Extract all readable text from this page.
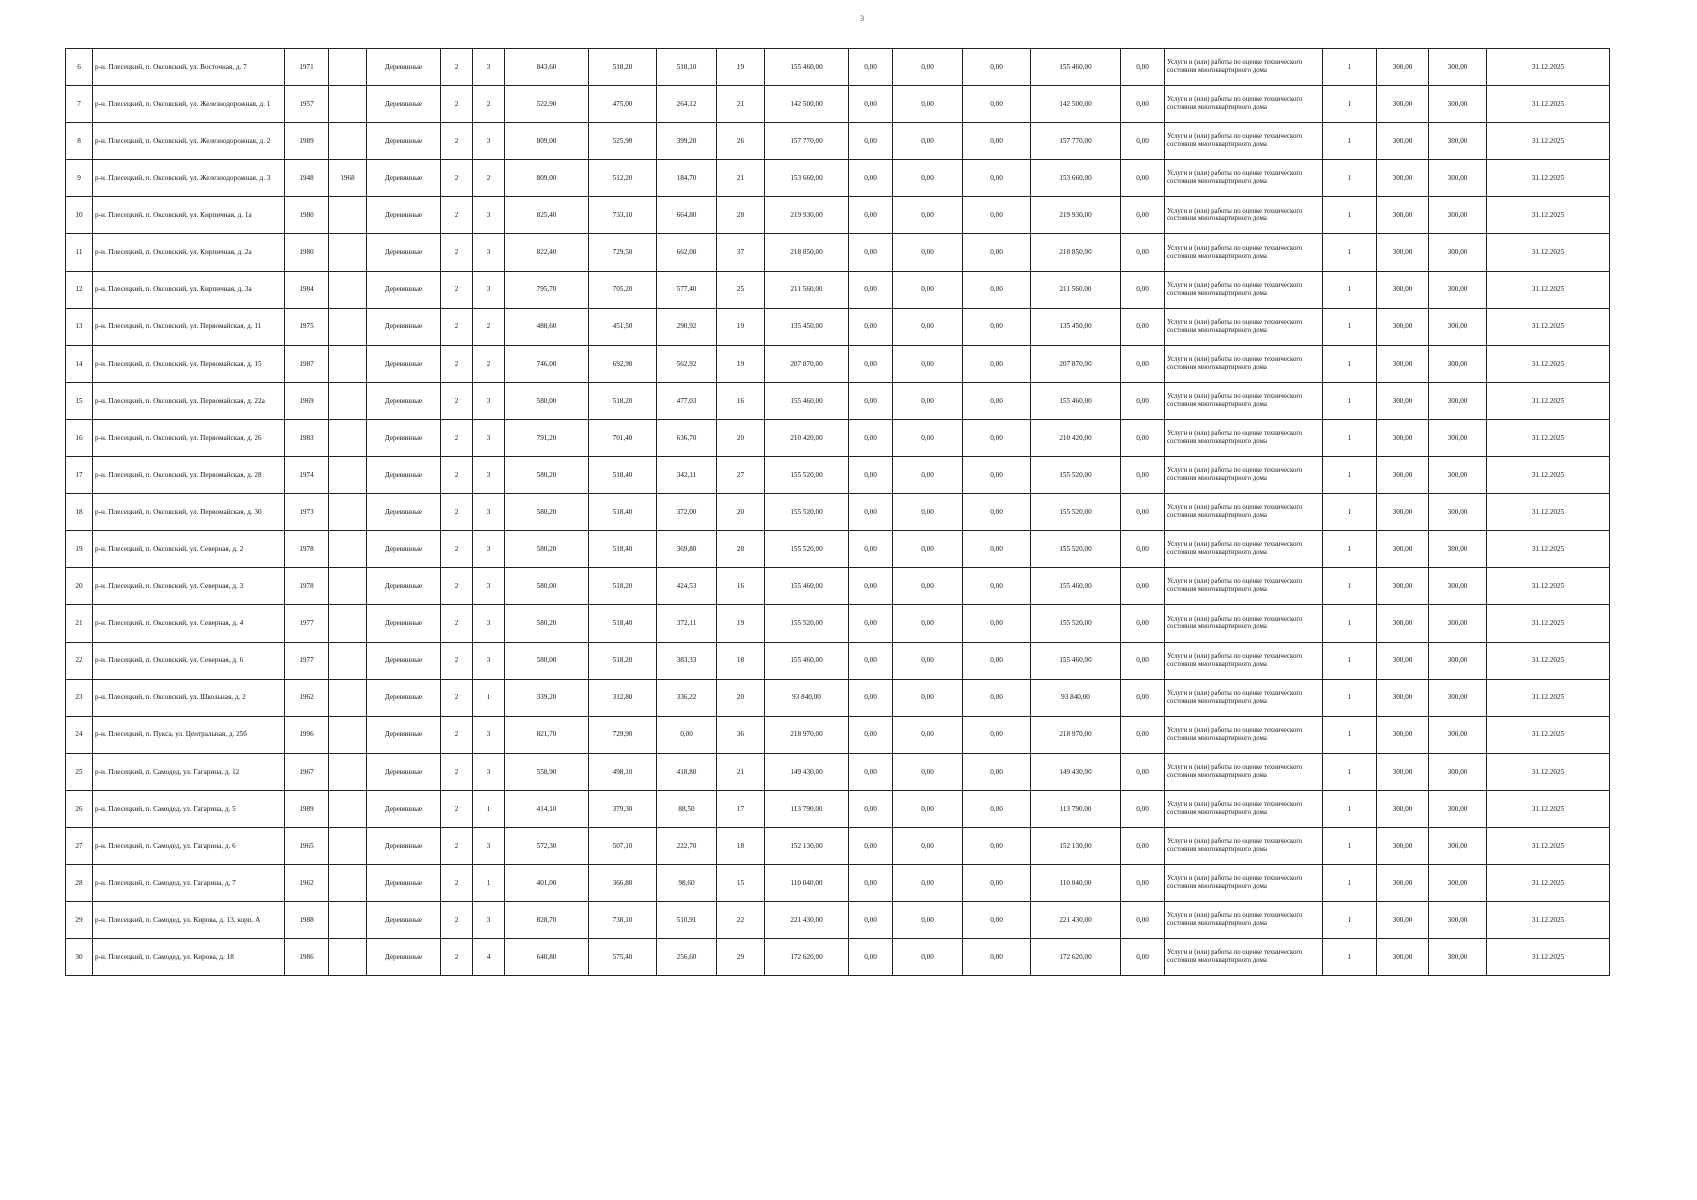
3
6	р-н. Плесецкий, п. Оксовский, ул. Восточная, д. 7	1971		Деревянные	2	3	843,60	518,20	518,10	19	155 460,00	0,00	0,00	0,00	155 460,00	0,00	Услуги и (или) работы по оценке технического состояния многоквартирного дома	1	300,00	300,00	31.12.2025
7	р-н. Плесецкий, п. Оксовский, ул. Железнодорожная, д. 1	1957		Деревянные	2	2	522,90	475,00	264,12	21	142 500,00	0,00	0,00	0,00	142 500,00	0,00	Услуги и (или) работы по оценке технического состояния многоквартирного дома	1	300,00	300,00	31.12.2025
8	р-н. Плесецкий, п. Оксовский, ул. Железнодорожная, д. 2	1989		Деревянные	2	3	809,00	525,90	399,20	26	157 770,00	0,00	0,00	0,00	157 770,00	0,00	Услуги и (или) работы по оценке технического состояния многоквартирного дома	1	300,00	300,00	31.12.2025
9	р-н. Плесецкий, п. Оксовский, ул. Железнодорожная, д. 3	1948	1968	Деревянные	2	2	809,00	512,20	184,70	21	153 660,00	0,00	0,00	0,00	153 660,00	0,00	Услуги и (или) работы по оценке технического состояния многоквартирного дома	1	300,00	300,00	31.12.2025
10	р-н. Плесецкий, п. Оксовский, ул. Кирпичная, д. 1а	1980		Деревянные	2	3	825,40	733,10	664,80	28	219 930,00	0,00	0,00	0,00	219 930,00	0,00	Услуги и (или) работы по оценке технического состояния многоквартирного дома	1	300,00	300,00	31.12.2025
11	р-н. Плесецкий, п. Оксовский, ул. Кирпичная, д. 2а	1980		Деревянные	2	3	822,40	729,50	662,00	37	218 850,00	0,00	0,00	0,00	218 850,00	0,00	Услуги и (или) работы по оценке технического состояния многоквартирного дома	1	300,00	300,00	31.12.2025
12	р-н. Плесецкий, п. Оксовский, ул. Кирпичная, д. 3а	1984		Деревянные	2	3	795,70	705,20	577,40	25	211 560,00	0,00	0,00	0,00	211 560,00	0,00	Услуги и (или) работы по оценке технического состояния многоквартирного дома	1	300,00	300,00	31.12.2025
13	р-н. Плесецкий, п. Оксовский, ул. Первомайская, д. 11	1975		Деревянные	2	2	488,60	451,50	290,92	19	135 450,00	0,00	0,00	0,00	135 450,00	0,00	Услуги и (или) работы по оценке технического состояния многоквартирного дома	1	300,00	300,00	31.12.2025
14	р-н. Плесецкий, п. Оксовский, ул. Первомайская, д. 15	1987		Деревянные	2	2	746,00	692,90	562,92	19	207 870,00	0,00	0,00	0,00	207 870,00	0,00	Услуги и (или) работы по оценке технического состояния многоквартирного дома	1	300,00	300,00	31.12.2025
15	р-н. Плесецкий, п. Оксовский, ул. Первомайская, д. 22а	1969		Деревянные	2	3	580,00	518,20	477,03	16	155 460,00	0,00	0,00	0,00	155 460,00	0,00	Услуги и (или) работы по оценке технического состояния многоквартирного дома	1	300,00	300,00	31.12.2025
16	р-н. Плесецкий, п. Оксовский, ул. Первомайская, д. 26	1983		Деревянные	2	3	791,20	701,40	636,70	20	210 420,00	0,00	0,00	0,00	210 420,00	0,00	Услуги и (или) работы по оценке технического состояния многоквартирного дома	1	300,00	300,00	31.12.2025
17	р-н. Плесецкий, п. Оксовский, ул. Первомайская, д. 28	1974		Деревянные	2	3	580,20	518,40	342,11	27	155 520,00	0,00	0,00	0,00	155 520,00	0,00	Услуги и (или) работы по оценке технического состояния многоквартирного дома	1	300,00	300,00	31.12.2025
18	р-н. Плесецкий, п. Оксовский, ул. Первомайская, д. 30	1973		Деревянные	2	3	580,20	518,40	372,00	20	155 520,00	0,00	0,00	0,00	155 520,00	0,00	Услуги и (или) работы по оценке технического состояния многоквартирного дома	1	300,00	300,00	31.12.2025
19	р-н. Плесецкий, п. Оксовский, ул. Северная, д. 2	1978		Деревянные	2	3	580,20	518,40	369,80	28	155 520,00	0,00	0,00	0,00	155 520,00	0,00	Услуги и (или) работы по оценке технического состояния многоквартирного дома	1	300,00	300,00	31.12.2025
20	р-н. Плесецкий, п. Оксовский, ул. Северная, д. 3	1978		Деревянные	2	3	580,00	518,20	424,53	16	155 460,00	0,00	0,00	0,00	155 460,00	0,00	Услуги и (или) работы по оценке технического состояния многоквартирного дома	1	300,00	300,00	31.12.2025
21	р-н. Плесецкий, п. Оксовский, ул. Северная, д. 4	1977		Деревянные	2	3	580,20	518,40	372,11	19	155 520,00	0,00	0,00	0,00	155 520,00	0,00	Услуги и (или) работы по оценке технического состояния многоквартирного дома	1	300,00	300,00	31.12.2025
22	р-н. Плесецкий, п. Оксовский, ул. Северная, д. 6	1977		Деревянные	2	3	580,00	518,20	383,33	18	155 460,00	0,00	0,00	0,00	155 460,00	0,00	Услуги и (или) работы по оценке технического состояния многоквартирного дома	1	300,00	300,00	31.12.2025
23	р-н. Плесецкий, п. Оксовский, ул. Школьная, д. 2	1962		Деревянные	2	1	339,20	312,80	336,22	20	93 840,00	0,00	0,00	0,00	93 840,00	0,00	Услуги и (или) работы по оценке технического состояния многоквартирного дома	1	300,00	300,00	31.12.2025
24	р-н. Плесецкий, п. Пукса, ул. Центральная, д. 25б	1996		Деревянные	2	3	821,70	729,90	0,00	36	218 970,00	0,00	0,00	0,00	218 970,00	0,00	Услуги и (или) работы по оценке технического состояния многоквартирного дома	1	300,00	300,00	31.12.2025
25	р-н. Плесецкий, п. Самодед, ул. Гагарина, д. 12	1967		Деревянные	2	3	558,90	498,10	418,80	21	149 430,00	0,00	0,00	0,00	149 430,00	0,00	Услуги и (или) работы по оценке технического состояния многоквартирного дома	1	300,00	300,00	31.12.2025
26	р-н. Плесецкий, п. Самодед, ул. Гагарина, д. 5	1989		Деревянные	2	1	414,10	379,30	88,50	17	113 790,00	0,00	0,00	0,00	113 790,00	0,00	Услуги и (или) работы по оценке технического состояния многоквартирного дома	1	300,00	300,00	31.12.2025
27	р-н. Плесецкий, п. Самодед, ул. Гагарина, д. 6	1965		Деревянные	2	3	572,30	507,10	222,70	18	152 130,00	0,00	0,00	0,00	152 130,00	0,00	Услуги и (или) работы по оценке технического состояния многоквартирного дома	1	300,00	300,00	31.12.2025
28	р-н. Плесецкий, п. Самодед, ул. Гагарина, д. 7	1962		Деревянные	2	1	401,00	366,80	98,60	15	110 040,00	0,00	0,00	0,00	110 040,00	0,00	Услуги и (или) работы по оценке технического состояния многоквартирного дома	1	300,00	300,00	31.12.2025
29	р-н. Плесецкий, п. Самодед, ул. Кирова, д. 13, корп. А	1988		Деревянные	2	3	828,70	738,10	510,91	22	221 430,00	0,00	0,00	0,00	221 430,00	0,00	Услуги и (или) работы по оценке технического состояния многоквартирного дома	1	300,00	300,00	31.12.2025
30	р-н. Плесецкий, п. Самодед, ул. Кирова, д. 18	1986		Деревянные	2	4	640,80	575,40	256,60	29	172 620,00	0,00	0,00	0,00	172 620,00	0,00	Услуги и (или) работы по оценке технического состояния многоквартирного дома	1	300,00	300,00	31.12.2025
